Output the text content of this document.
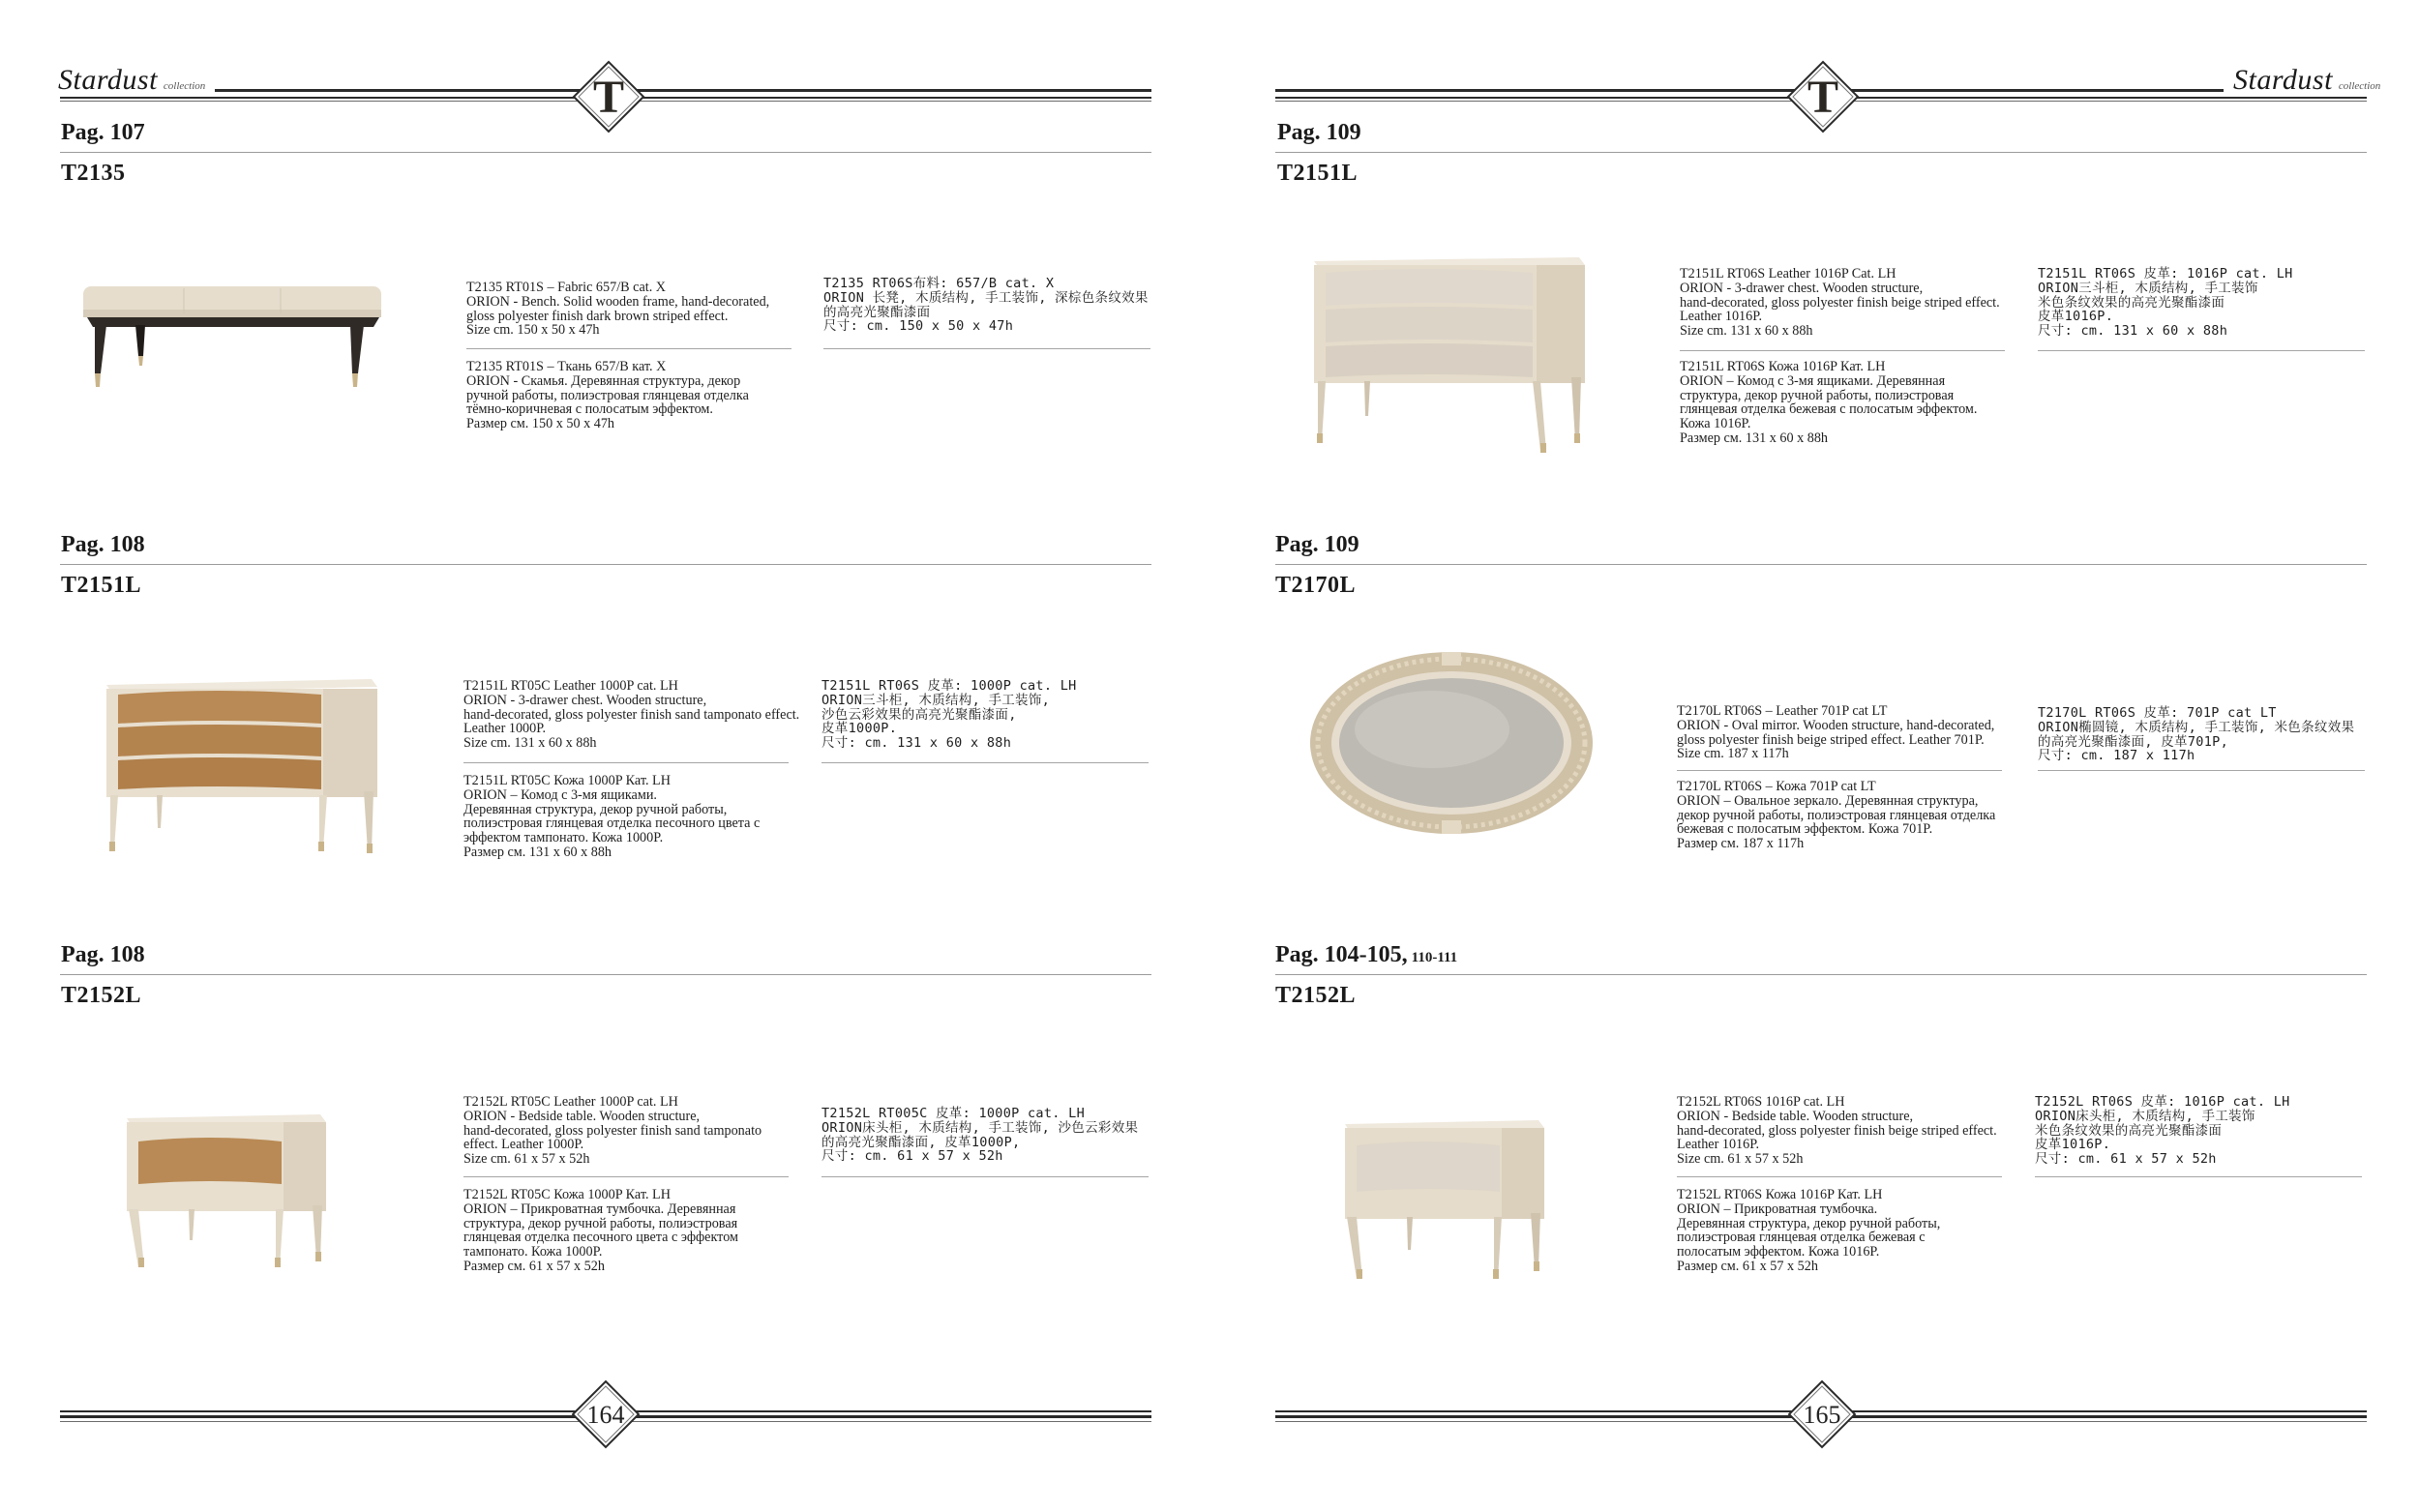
Stardust collection	Stardust collection
T	T
Pag. 107
T2135
T2135 RT01S – Fabric 657/B cat. X
ORION - Bench. Solid wooden frame, hand-decorated,
gloss polyester finish dark brown striped effect.
Size cm. 150 x 50 x 47h
T2135 RT01S – Ткань 657/В кат. Х
ORION - Скамья. Деревянная структура, декор
ручной работы, полиэстровая глянцевая отделка
тёмно-коричневая с полосатым эффектом.
Размер см. 150 x 50 x 47h
T2135 RT06S布料: 657/B cat. X
ORION 长凳, 木质结构, 手工装饰, 深棕色条纹效果
的高亮光聚酯漆面
尺寸: cm. 150 x 50 x 47h
Pag. 108
T2151L
T2151L RT05C Leather 1000P cat. LH
ORION - 3-drawer chest. Wooden structure,
hand-decorated, gloss polyester finish sand tamponato effect.
Leather 1000P.
Size cm. 131 x 60 x 88h
T2151L RT05C Кожа 1000P Кат. LH
ORION – Комод с 3-мя ящиками.
Деревянная структура, декор ручной работы,
полиэстровая глянцевая отделка песочного цвета с
эффектом тампонато. Кожа 1000P.
Размер см. 131 x 60 x 88h
T2151L RT06S 皮革: 1000P cat. LH
ORION三斗柜, 木质结构, 手工装饰,
沙色云彩效果的高亮光聚酯漆面,
皮革1000P.
尺寸: cm. 131 x 60 x 88h
Pag. 108
T2152L
T2152L RT05C Leather 1000P cat. LH
ORION - Bedside table. Wooden structure,
hand-decorated, gloss polyester finish sand tamponato
effect. Leather 1000P.
Size cm. 61 x 57 x 52h
T2152L RT05C Кожа 1000P Кат. LH
ORION – Прикроватная тумбочка. Деревянная
структура, декор ручной работы, полиэстровая
глянцевая отделка песочного цвета с эффектом
тампонато. Кожа 1000P.
Размер см. 61 x 57 x 52h
T2152L RT005C 皮革: 1000P cat. LH
ORION床头柜, 木质结构, 手工装饰, 沙色云彩效果
的高亮光聚酯漆面, 皮革1000P,
尺寸: cm. 61 x 57 x 52h
Pag. 109
T2151L
T2151L RT06S Leather 1016P Cat. LH
ORION - 3-drawer chest. Wooden structure,
hand-decorated, gloss polyester finish beige striped effect.
Leather 1016P.
Size cm. 131 x 60 x 88h
T2151L RT06S Кожа 1016P Кат. LH
ORION – Комод с 3-мя ящиками. Деревянная
структура, декор ручной работы, полиэстровая
глянцевая отделка бежевая с полосатым эффектом.
Кожа 1016P.
Размер см. 131 x 60 x 88h
T2151L RT06S 皮革: 1016P cat. LH
ORION三斗柜, 木质结构, 手工装饰
米色条纹效果的高亮光聚酯漆面
皮革1016P.
尺寸: cm. 131 x 60 x 88h
Pag. 109
T2170L
T2170L RT06S – Leather 701P cat LT
ORION - Oval mirror. Wooden structure, hand-decorated,
gloss polyester finish beige striped effect. Leather 701P.
Size cm. 187 x 117h
T2170L RT06S – Кожа 701P cat LT
ORION – Овальное зеркало. Деревянная структура,
декор ручной работы, полиэстровая глянцевая отделка
бежевая с полосатым эффектом. Кожа 701P.
Размер см. 187 x 117h
T2170L RT06S 皮革: 701P cat LT
ORION椭圆镜, 木质结构, 手工装饰, 米色条纹效果
的高亮光聚酯漆面, 皮革701P,
尺寸: cm. 187 x 117h
Pag. 104-105, 110-111
T2152L
T2152L RT06S 1016P cat. LH
ORION - Bedside table. Wooden structure,
hand-decorated, gloss polyester finish beige striped effect.
Leather 1016P.
Size cm. 61 x 57 x 52h
T2152L RT06S Кожа 1016P Кат. LH
ORION – Прикроватная тумбочка.
Деревянная структура, декор ручной работы,
полиэстровая глянцевая отделка бежевая с
полосатым эффектом. Кожа 1016P.
Размер см. 61 x 57 x 52h
T2152L RT06S 皮革: 1016P cat. LH
ORION床头柜, 木质结构, 手工装饰
米色条纹效果的高亮光聚酯漆面
皮革1016P.
尺寸: cm. 61 x 57 x 52h
164	165
